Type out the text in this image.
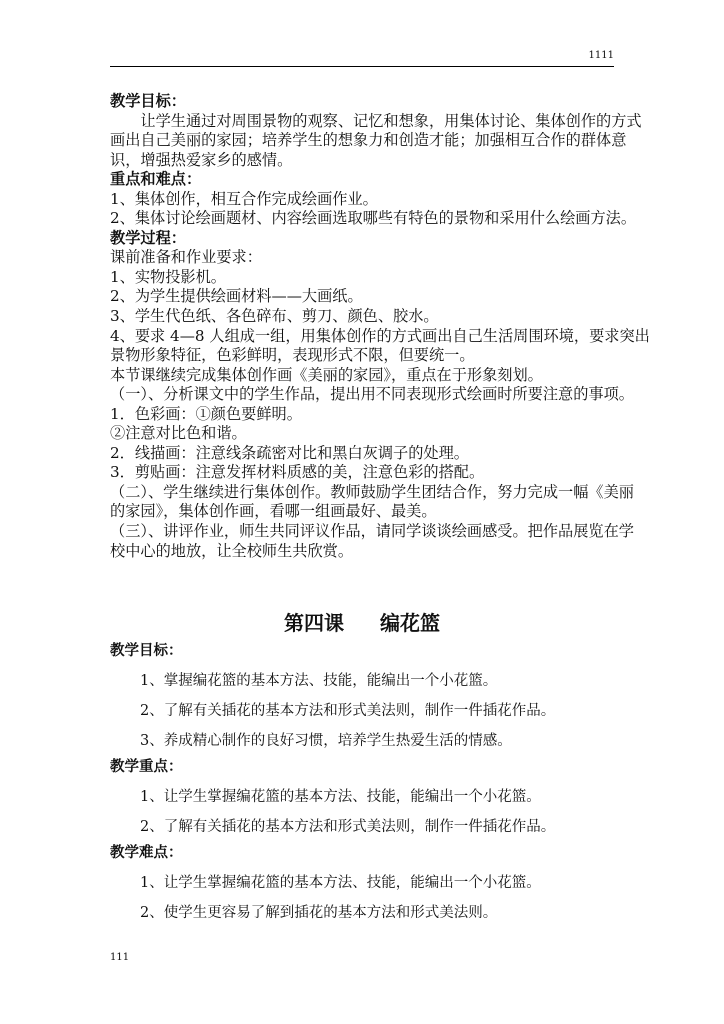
1111
教学目标：
　　让学生通过对周围景物的观察、记忆和想象，用集体讨论、集体创作的方式
画出自己美丽的家园；培养学生的想象力和创造才能；加强相互合作的群体意
识，增强热爱家乡的感情。
重点和难点：
1、集体创作，相互合作完成绘画作业。
2、集体讨论绘画题材、内容绘画选取哪些有特色的景物和采用什么绘画方法。
教学过程：
课前准备和作业要求：
1、实物投影机。
2、为学生提供绘画材料——大画纸。
3、学生代色纸、各色碎布、剪刀、颜色、胶水。
4、要求 4—8 人组成一组，用集体创作的方式画出自己生活周围环境，要求突出
景物形象特征，色彩鲜明，表现形式不限，但要统一。
本节课继续完成集体创作画《美丽的家园》，重点在于形象刻划。
（一）、分析课文中的学生作品，提出用不同表现形式绘画时所要注意的事项。
1．色彩画：①颜色要鲜明。
②注意对比色和谐。
2．线描画：注意线条疏密对比和黑白灰调子的处理。
3．剪贴画：注意发挥材料质感的美，注意色彩的搭配。
（二）、学生继续进行集体创作。教师鼓励学生团结合作，努力完成一幅《美丽
的家园》，集体创作画，看哪一组画最好、最美。
（三）、讲评作业，师生共同评议作品，请同学谈谈绘画感受。把作品展览在学
校中心的地放，让全校师生共欣赏。
第四课 编花篮
教学目标：
1、掌握编花篮的基本方法、技能，能编出一个小花篮。
2、了解有关插花的基本方法和形式美法则，制作一件插花作品。
3、养成精心制作的良好习惯，培养学生热爱生活的情感。
教学重点：
1、让学生掌握编花篮的基本方法、技能，能编出一个小花篮。
2、了解有关插花的基本方法和形式美法则，制作一件插花作品。
教学难点：
1、让学生掌握编花篮的基本方法、技能，能编出一个小花篮。
2、使学生更容易了解到插花的基本方法和形式美法则。
111
